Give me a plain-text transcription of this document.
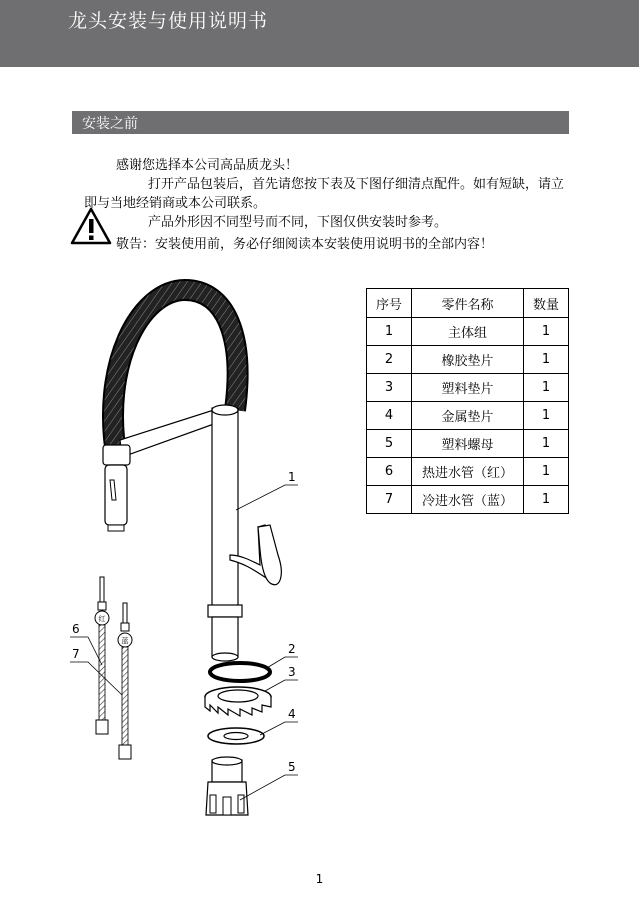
龙头安装与使用说明书
安装之前

感谢您选择本公司高品质龙头！

打开产品包装后，首先请您按下表及下图仔细清点配件。如有短缺，请立即与当地经销商或本公司联系。

产品外形因不同型号而不同，下图仅供安装时参考。

敬告：安装使用前，务必仔细阅读本安装使用说明书的全部内容！
序号	零件名称	数量
1	主体组	1
2	橡胶垫片	1
3	塑料垫片	1
4	金属垫片	1
5	塑料螺母	1
6	热进水管（红）	1
7	冷进水管（蓝）	1
红
蓝
1
2
3
4
5
6
7
1
